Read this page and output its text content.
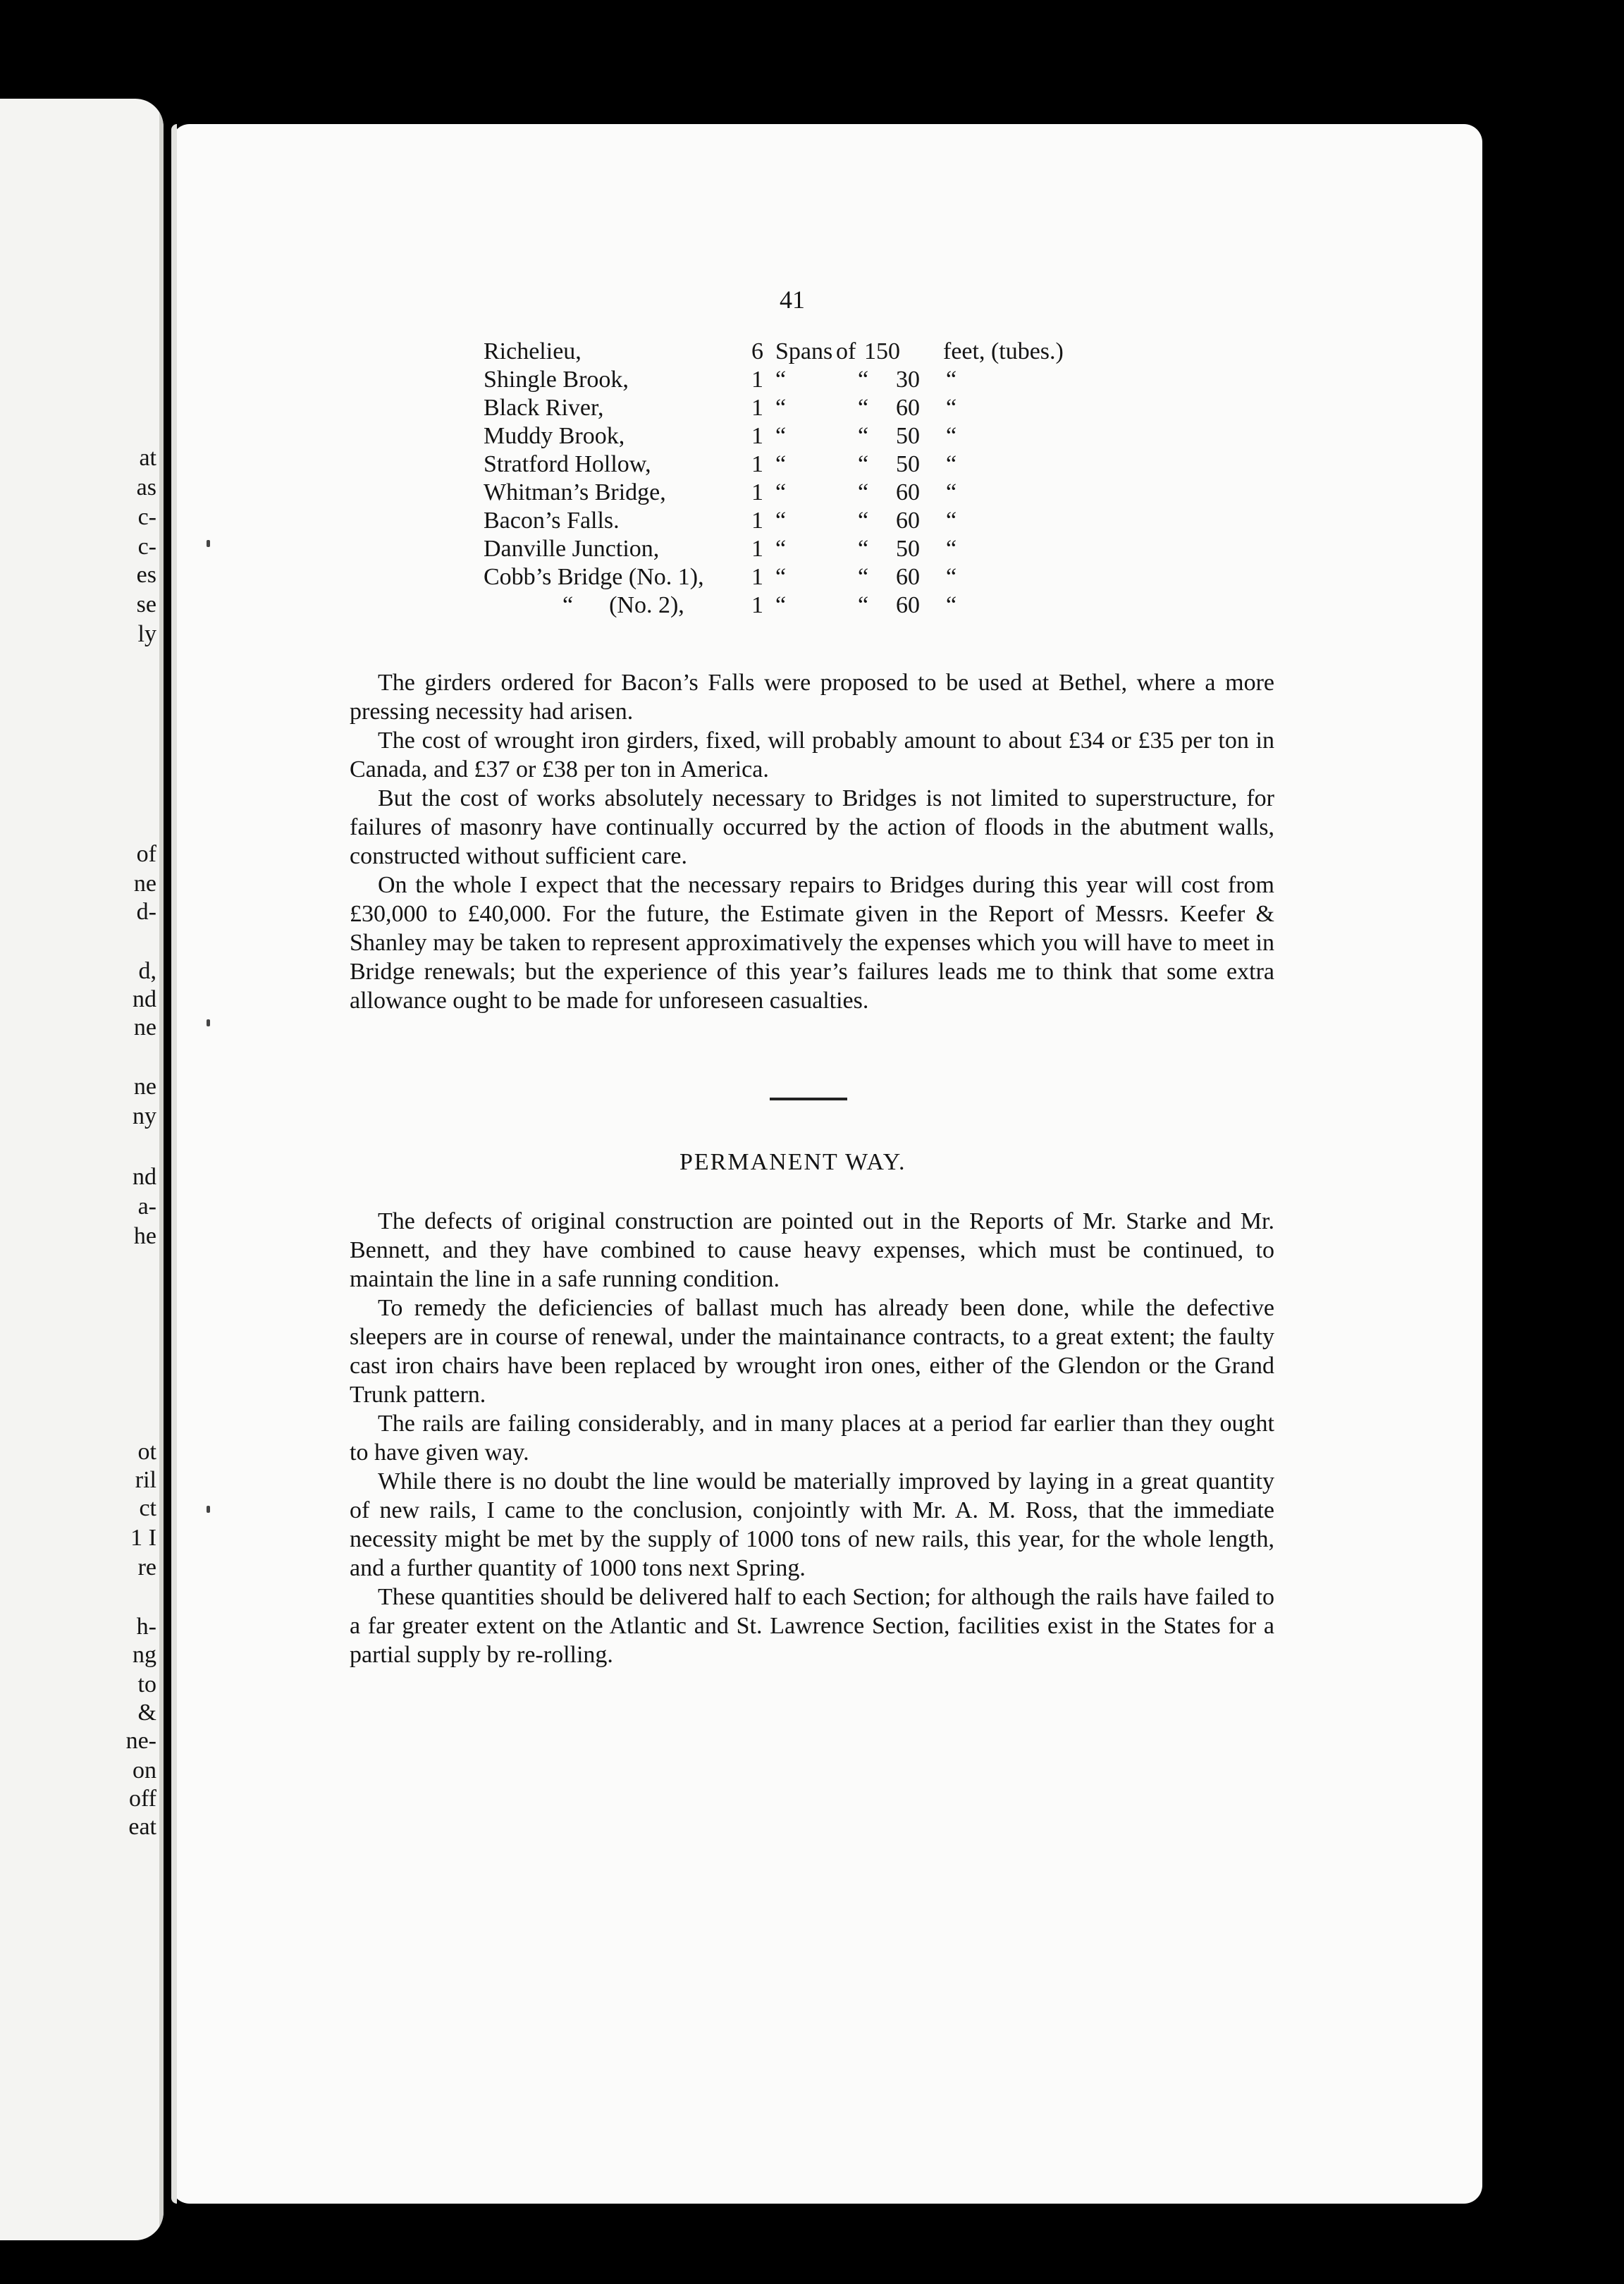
at
as
c-
c-
es
se
ly
of
ne
d-
d,
nd
ne
ne
ny
nd
a-
he
ot
ril
ct
1 I
re
h-
ng
to
&
ne-
on
off
eat
41
Richelieu,	6 Spans of 150 feet, (tubes.)
Shingle Brook,	1 “	“ 30 “
Black River,	1 “	“ 60 “
Muddy Brook,	1 “	“ 50 “
Stratford Hollow,	1 “	“ 50 “
Whitman’s Bridge,	1 “	“ 60 “
Bacon’s Falls.	1 “	“ 60 “
Danville Junction,	1 “	“ 50 “
Cobb’s Bridge (No. 1), 1 “	“ 60 “
“      (No. 2),	1 “	“ 60 “

The girders ordered for Bacon’s Falls were proposed to be used at Bethel, where a more pressing necessity had arisen.

The cost of wrought iron girders, fixed, will probably amount to about £34 or £35 per ton in Canada, and £37 or £38 per ton in America.

But the cost of works absolutely necessary to Bridges is not limited to superstructure, for failures of masonry have continually occurred by the action of floods in the abutment walls, constructed without sufficient care.

On the whole I expect that the necessary repairs to Bridges during this year will cost from £30,000 to £40,000. For the future, the Estimate given in the Report of Messrs. Keefer & Shanley may be taken to represent approximatively the expenses which you will have to meet in Bridge renewals; but the experience of this year’s failures leads me to think that some extra allowance ought to be made for unforeseen casualties.

PERMANENT WAY.

The defects of original construction are pointed out in the Reports of Mr. Starke and Mr. Bennett, and they have combined to cause heavy expenses, which must be continued, to maintain the line in a safe running condition.

To remedy the deficiencies of ballast much has already been done, while the defective sleepers are in course of renewal, under the maintainance contracts, to a great extent; the faulty cast iron chairs have been replaced by wrought iron ones, either of the Glendon or the Grand Trunk pattern.

The rails are failing considerably, and in many places at a period far earlier than they ought to have given way.

While there is no doubt the line would be materially improved by laying in a great quantity of new rails, I came to the conclusion, conjointly with Mr. A. M. Ross, that the immediate necessity might be met by the supply of 1000 tons of new rails, this year, for the whole length, and a further quantity of 1000 tons next Spring.

These quantities should be delivered half to each Section; for although the rails have failed to a far greater extent on the Atlantic and St. Lawrence Section, facilities exist in the States for a partial supply by re-rolling.
